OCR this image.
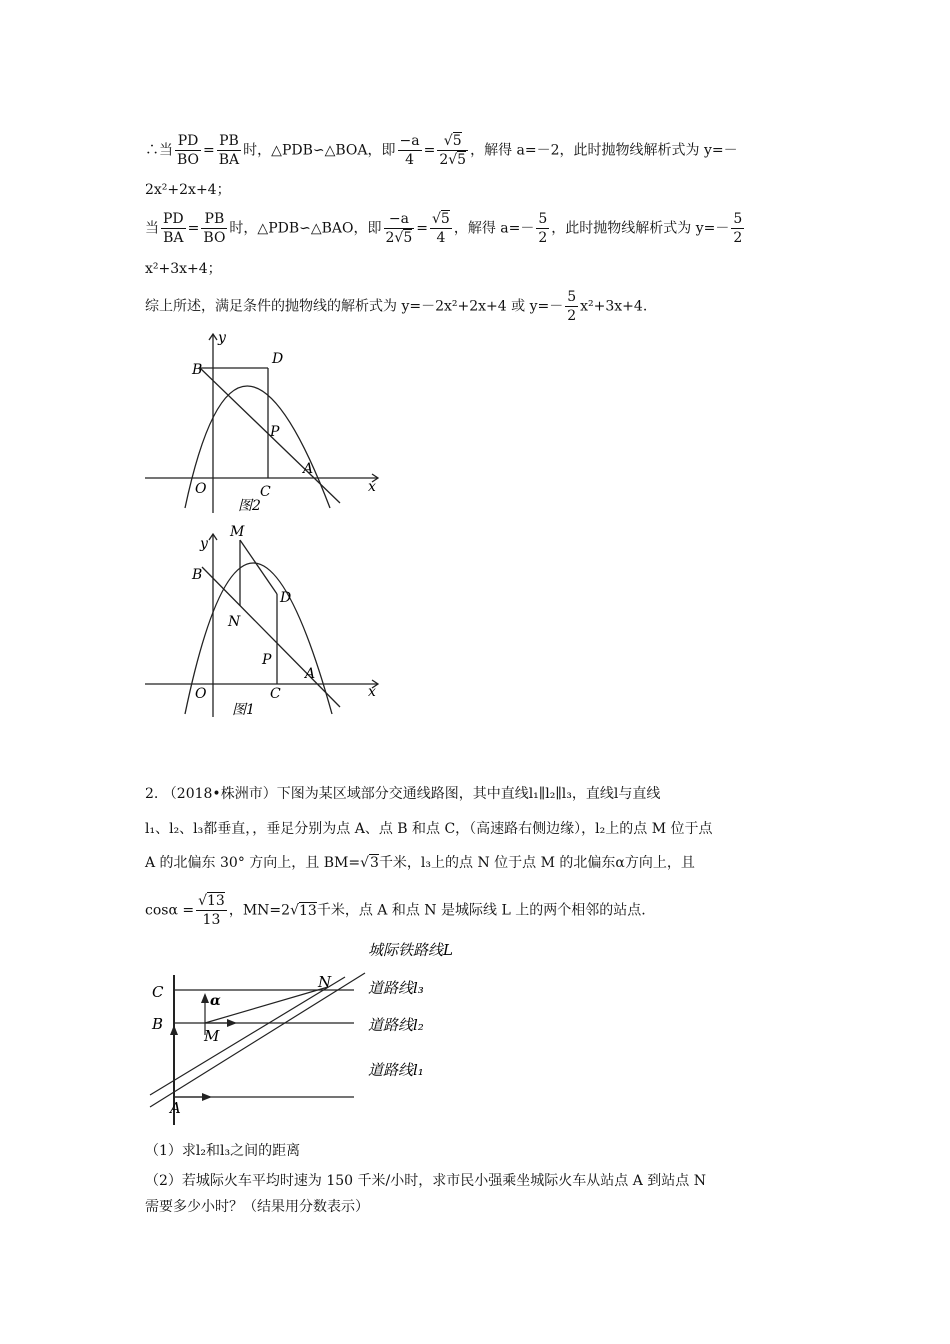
∴当 $\frac{PD}{BO} = \frac{PB}{BA}$ 时，△PDB∽△BOA，即 $\frac{-a}{4} = \frac{√5}{2√5}$ ，解得 a=－2，此时抛物线解析式为 y=－
2x²+2x+4；
当 $\frac{PD}{BA} = \frac{PB}{BO}$ 时，△PDB∽△BAO，即 $\frac{-a}{2√5} = \frac{√5}{4}$ ，解得 $a=- \frac{5}{2}$ ，此时抛物线解析式为 $y=- \frac{5}{2}$
x²+3x+4；
综上所述，满足条件的抛物线的解析式为 y=－2x²+2x+4 或 $y=- \frac{5}{2} x^2+3x+4$.
y
x
B
D
P
O	C
A
图2
M
y
x
B
D
N
P
O	C
A
图1
2. （2018•株洲市）下图为某区域部分交通线路图，其中直线l₁∥l₂∥l₃，直线l与直线
l₁、l₂、l₃都垂直，，垂足分别为点 A、点 B 和点 C，（高速路右侧边缘），l₂上的点 M 位于点
A 的北偏东 30° 方向上，且 BM=√3千米，l₃上的点 N 位于点 M 的北偏东α方向上，且
$\cos\alpha = \frac{√13}{13}$ ，MN=2√13千米，点 A 和点 N 是城际线 L 上的两个相邻的站点.
城际铁路线L
道路线l₃
道路线l₂
道路线l₁
C
B
M
N
A
α
（1）求l₂和l₃之间的距离
（2）若城际火车平均时速为 150 千米/小时，求市民小强乘坐城际火车从站点 A 到站点 N
需要多少小时？（结果用分数表示）
